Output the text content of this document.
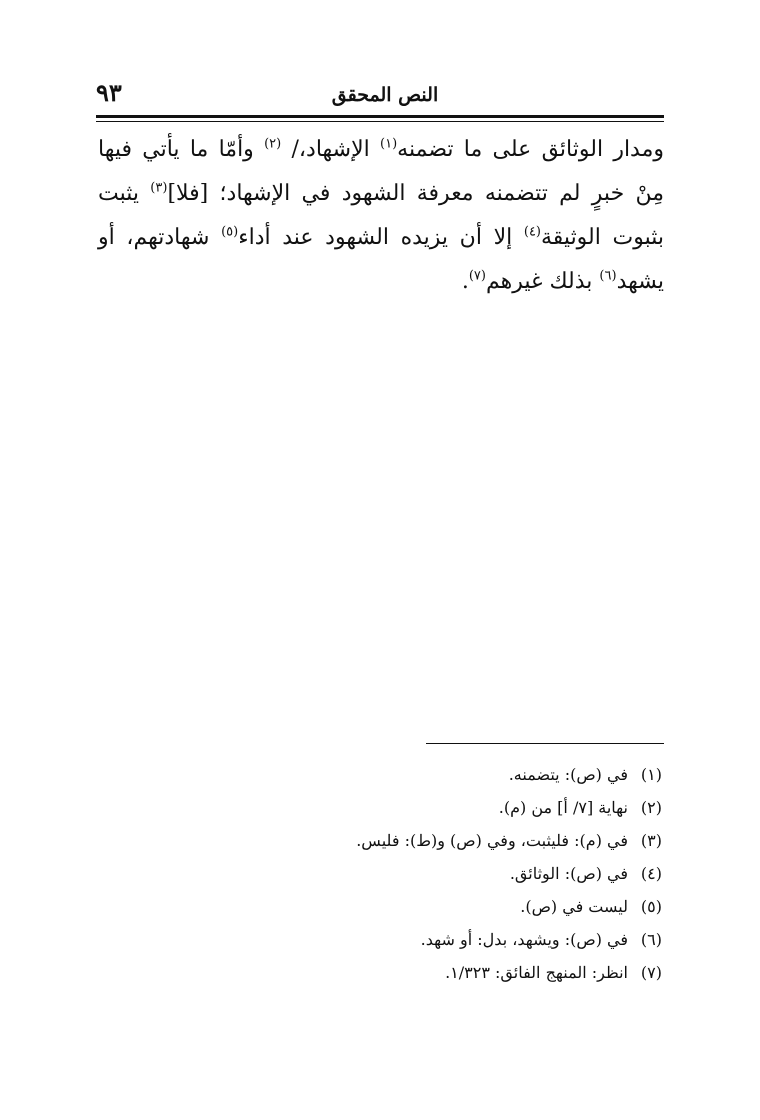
٩٣	النص المحقق
ومدار الوثائق على ما تضمنه$^{(١)}$ الإشهاد،/ $^{(٢)}$ وأمّا ما يأتي فيها مِنْ خبرٍ لم تتضمنه معرفة الشهود في الإشهاد؛ [فلا]$^{(٣)}$ يثبت بثبوت الوثيقة$^{(٤)}$ إلا أن يزيده الشهود عند أداء$^{(٥)}$ شهادتهم، أو يشهد$^{(٦)}$ بذلك غيرهم$^{(٧)}$.
(١)في (ص): يتضمنه.
(٢)نهاية [٧/ أ] من (م).
(٣)في (م): فليثبت، وفي (ص) و(ط): فليس.
(٤)في (ص): الوثائق.
(٥)ليست في (ص).
(٦)في (ص): ويشهد، بدل: أو شهد.
(٧)انظر: المنهج الفائق: ١/٣٢٣.
